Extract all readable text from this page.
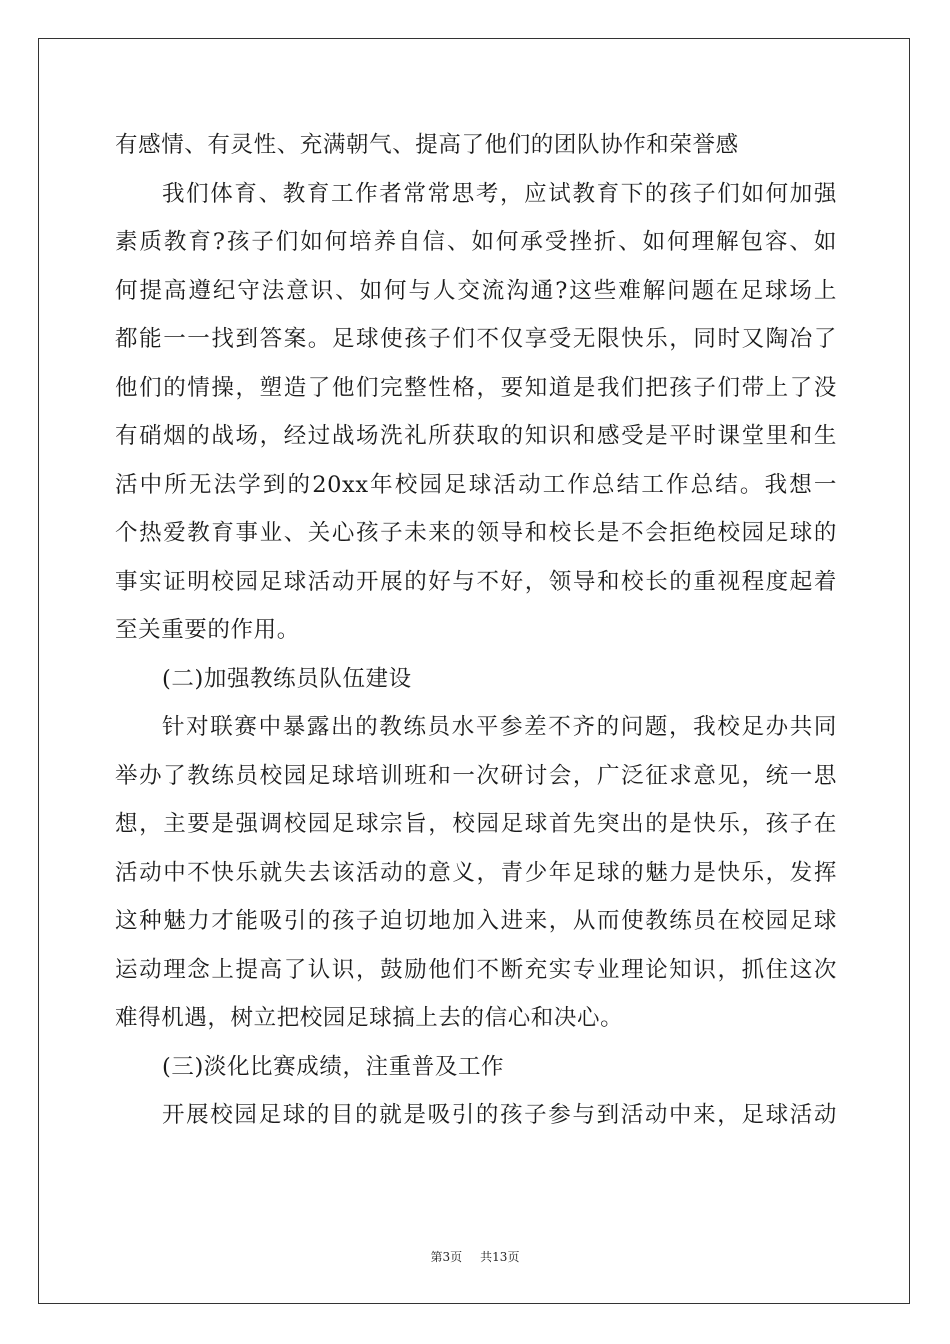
有感情、有灵性、充满朝气、提高了他们的团队协作和荣誉感
我们体育、教育工作者常常思考，应试教育下的孩子们如何加强
素质教育?孩子们如何培养自信、如何承受挫折、如何理解包容、如
何提高遵纪守法意识、如何与人交流沟通?这些难解问题在足球场上
都能一一找到答案。足球使孩子们不仅享受无限快乐，同时又陶冶了
他们的情操，塑造了他们完整性格，要知道是我们把孩子们带上了没
有硝烟的战场，经过战场洗礼所获取的知识和感受是平时课堂里和生
活中所无法学到的20xx年校园足球活动工作总结工作总结。我想一
个热爱教育事业、关心孩子未来的领导和校长是不会拒绝校园足球的
事实证明校园足球活动开展的好与不好，领导和校长的重视程度起着
至关重要的作用。
(二)加强教练员队伍建设
针对联赛中暴露出的教练员水平参差不齐的问题，我校足办共同
举办了教练员校园足球培训班和一次研讨会，广泛征求意见，统一思
想，主要是强调校园足球宗旨，校园足球首先突出的是快乐，孩子在
活动中不快乐就失去该活动的意义，青少年足球的魅力是快乐，发挥
这种魅力才能吸引的孩子迫切地加入进来，从而使教练员在校园足球
运动理念上提高了认识，鼓励他们不断充实专业理论知识，抓住这次
难得机遇，树立把校园足球搞上去的信心和决心。
(三)淡化比赛成绩，注重普及工作
开展校园足球的目的就是吸引的孩子参与到活动中来，足球活动
第3页 共13页
